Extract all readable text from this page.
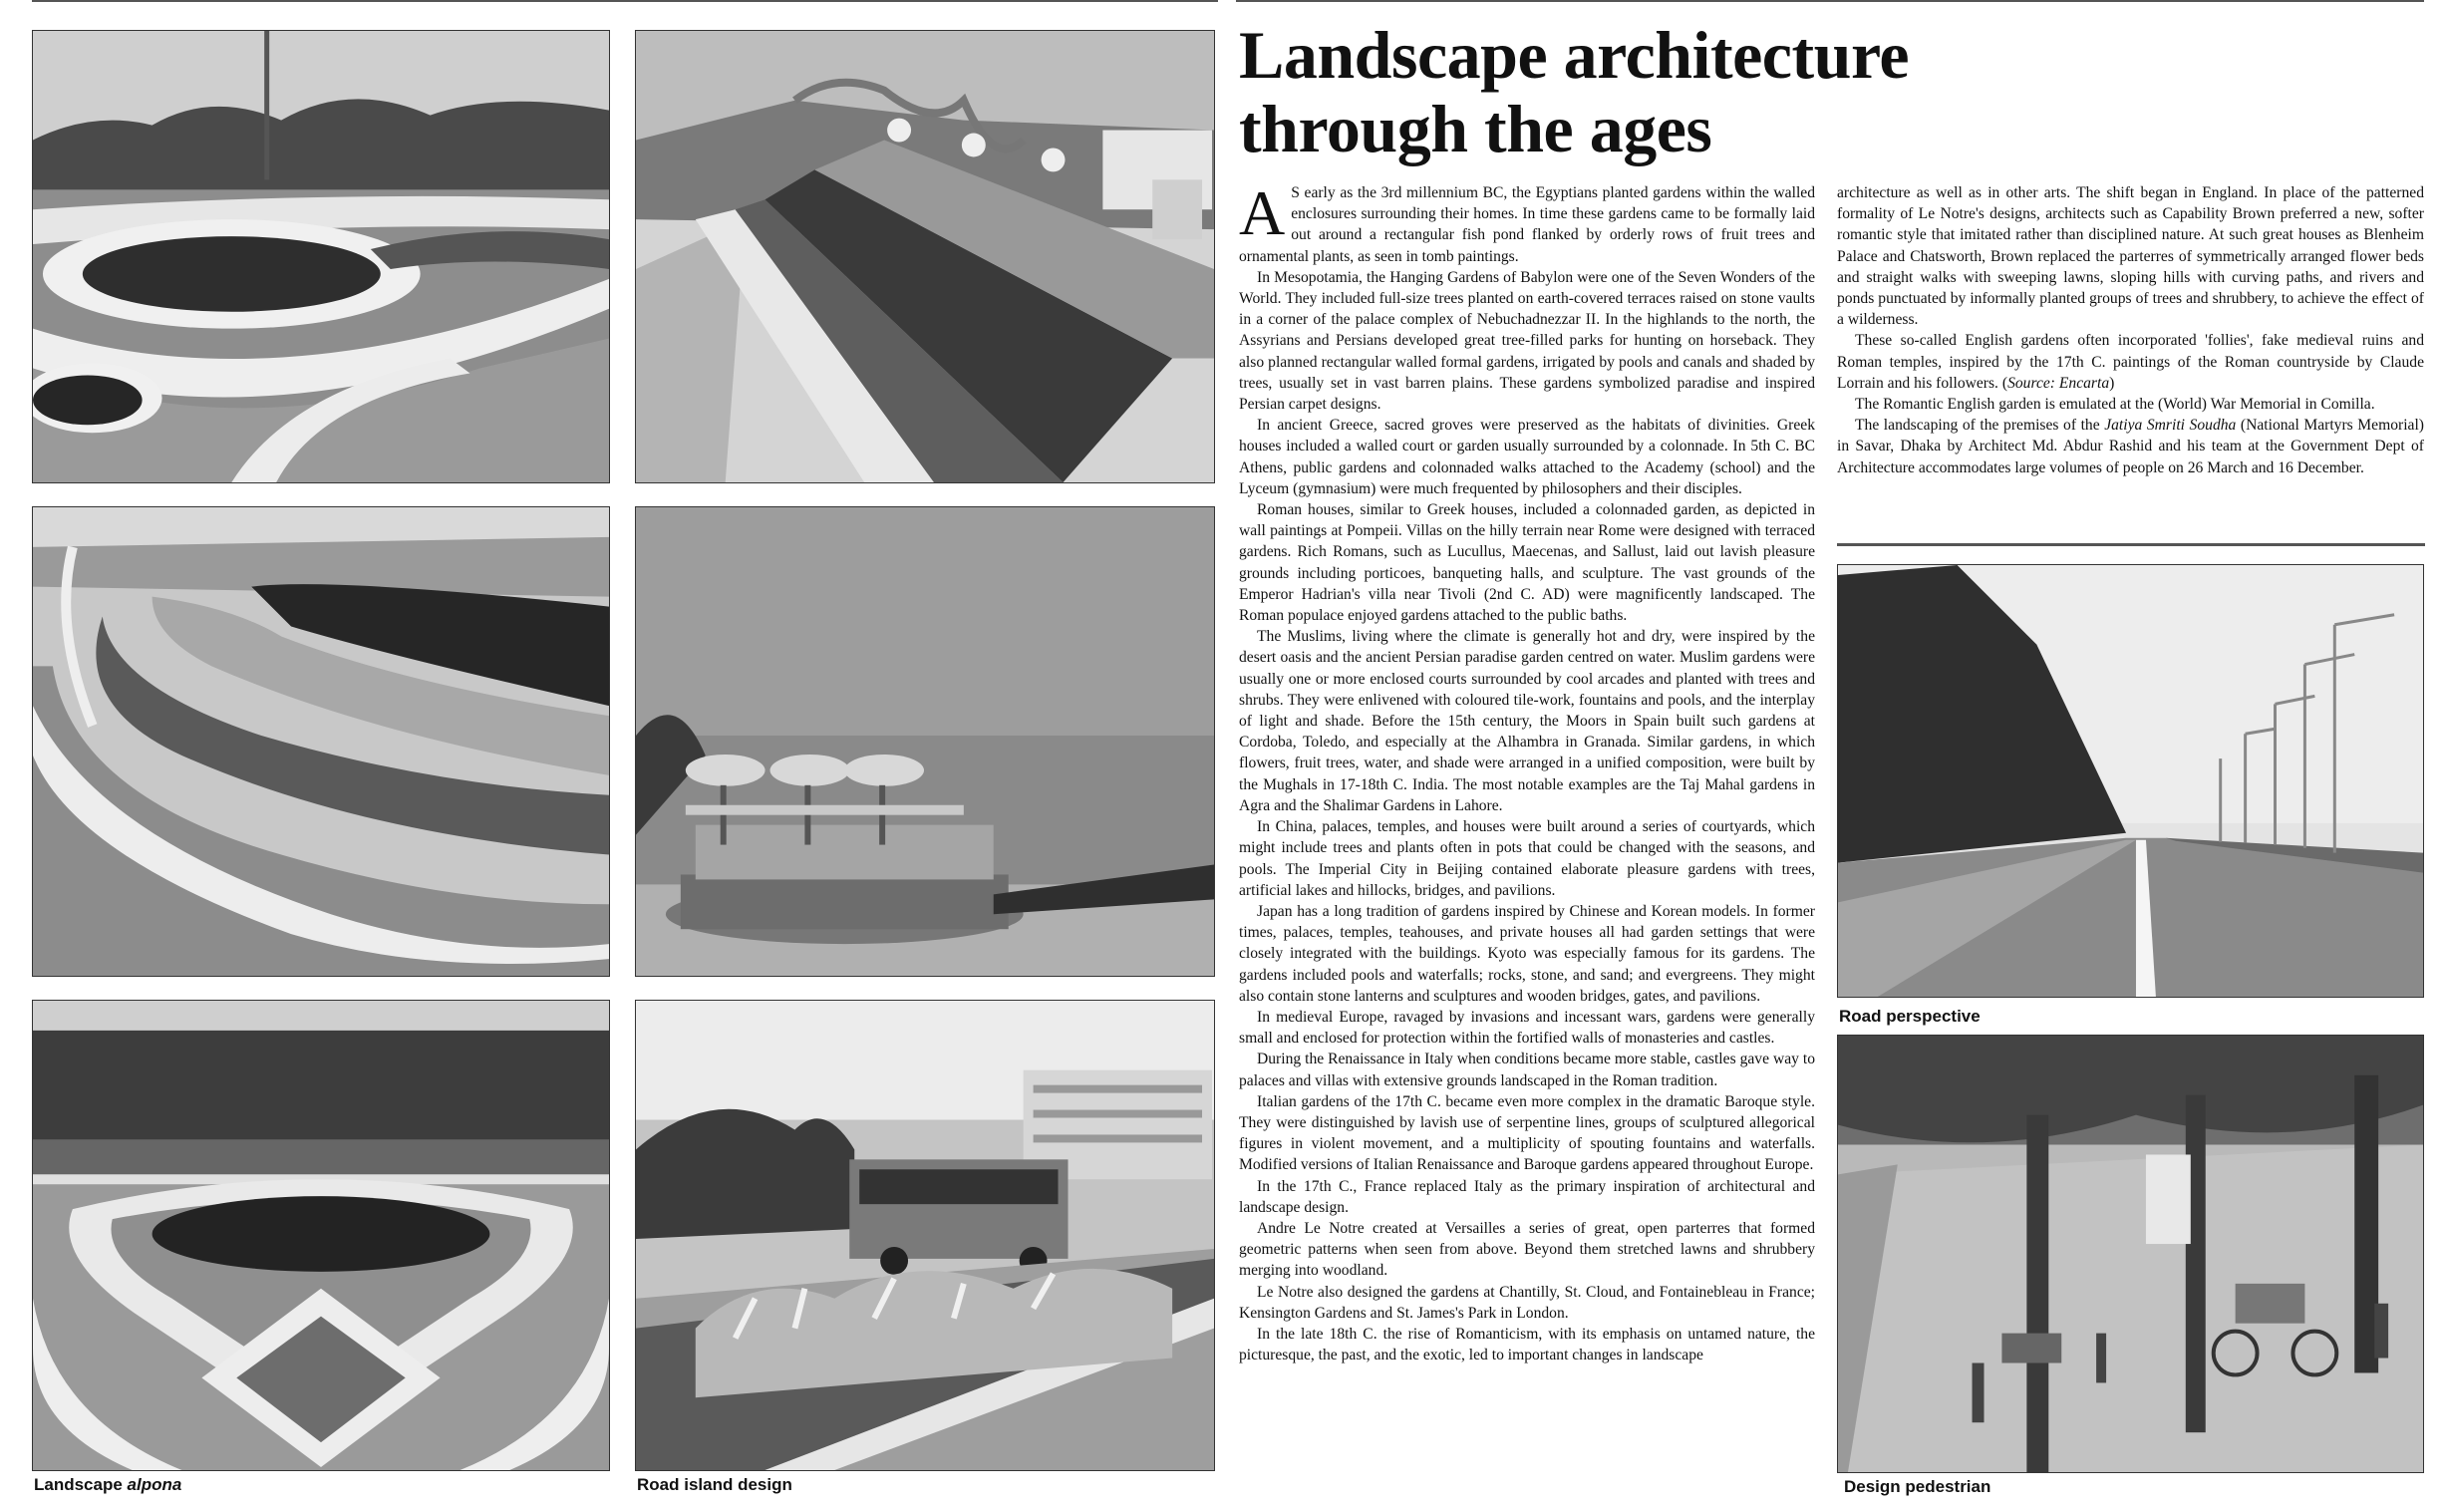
Landscape alpona	Road island design
Road perspective
Design pedestrian
Landscape architecture
through the ages

A S early as the 3rd millennium BC, the Egyptians planted gardens within the walled enclosures surrounding their homes. In time these gardens came to be formally laid out around a rectangular fish pond flanked by orderly rows of fruit trees and ornamental plants, as seen in tomb paintings.

In Mesopotamia, the Hanging Gardens of Babylon were one of the Seven Wonders of the World. They included full-size trees planted on earth-covered terraces raised on stone vaults in a corner of the palace complex of Nebuchadnezzar II. In the highlands to the north, the Assyrians and Persians developed great tree-filled parks for hunting on horseback. They also planned rectangular walled formal gardens, irrigated by pools and canals and shaded by trees, usually set in vast barren plains. These gardens symbolized paradise and inspired Persian carpet designs.

In ancient Greece, sacred groves were preserved as the habitats of divinities. Greek houses included a walled court or garden usually surrounded by a colonnade. In 5th C. BC Athens, public gardens and colonnaded walks attached to the Academy (school) and the Lyceum (gymnasium) were much frequented by philosophers and their disciples.

Roman houses, similar to Greek houses, included a colonnaded garden, as depicted in wall paintings at Pompeii. Villas on the hilly terrain near Rome were designed with terraced gardens. Rich Romans, such as Lucullus, Maecenas, and Sallust, laid out lavish pleasure grounds including porticoes, banqueting halls, and sculpture. The vast grounds of the Emperor Hadrian's villa near Tivoli (2nd C. AD) were magnificently landscaped. The Roman populace enjoyed gardens attached to the public baths.

The Muslims, living where the climate is generally hot and dry, were inspired by the desert oasis and the ancient Persian paradise garden centred on water. Muslim gardens were usually one or more enclosed courts surrounded by cool arcades and planted with trees and shrubs. They were enlivened with coloured tile-work, fountains and pools, and the interplay of light and shade. Before the 15th century, the Moors in Spain built such gardens at Cordoba, Toledo, and especially at the Alhambra in Granada. Similar gardens, in which flowers, fruit trees, water, and shade were arranged in a unified composition, were built by the Mughals in 17-18th C. India. The most notable examples are the Taj Mahal gardens in Agra and the Shalimar Gardens in Lahore.

In China, palaces, temples, and houses were built around a series of courtyards, which might include trees and plants often in pots that could be changed with the seasons, and pools. The Imperial City in Beijing contained elaborate pleasure gardens with trees, artificial lakes and hillocks, bridges, and pavilions.

Japan has a long tradition of gardens inspired by Chinese and Korean models. In former times, palaces, temples, teahouses, and private houses all had garden settings that were closely integrated with the buildings. Kyoto was especially famous for its gardens. The gardens included pools and waterfalls; rocks, stone, and sand; and evergreens. They might also contain stone lanterns and sculptures and wooden bridges, gates, and pavilions.

In medieval Europe, ravaged by invasions and incessant wars, gardens were generally small and enclosed for protection within the fortified walls of monasteries and castles.

During the Renaissance in Italy when conditions became more stable, castles gave way to palaces and villas with extensive grounds landscaped in the Roman tradition.

Italian gardens of the 17th C. became even more complex in the dramatic Baroque style. They were distinguished by lavish use of serpentine lines, groups of sculptured allegorical figures in violent movement, and a multiplicity of spouting fountains and waterfalls. Modified versions of Italian Renaissance and Baroque gardens appeared throughout Europe.

In the 17th C., France replaced Italy as the primary inspiration of architectural and landscape design.

Andre Le Notre created at Versailles a series of great, open parterres that formed geometric patterns when seen from above. Beyond them stretched lawns and shrubbery merging into woodland.

Le Notre also designed the gardens at Chantilly, St. Cloud, and Fontainebleau in France; Kensington Gardens and St. James's Park in London.

In the late 18th C. the rise of Romanticism, with its emphasis on untamed nature, the picturesque, the past, and the exotic, led to important changes in landscape

architecture as well as in other arts. The shift began in England. In place of the patterned formality of Le Notre's designs, architects such as Capability Brown preferred a new, softer romantic style that imitated rather than disciplined nature. At such great houses as Blenheim Palace and Chatsworth, Brown replaced the parterres of symmetrically arranged flower beds and straight walks with sweeping lawns, sloping hills with curving paths, and rivers and ponds punctuated by informally planted groups of trees and shrubbery, to achieve the effect of a wilderness.

These so-called English gardens often incorporated 'follies', fake medieval ruins and Roman temples, inspired by the 17th C. paintings of the Roman countryside by Claude Lorrain and his followers. (Source: Encarta)

The Romantic English garden is emulated at the (World) War Memorial in Comilla.

The landscaping of the premises of the Jatiya Smriti Soudha (National Martyrs Memorial) in Savar, Dhaka by Architect Md. Abdur Rashid and his team at the Government Dept of Architecture accommodates large volumes of people on 26 March and 16 December.
